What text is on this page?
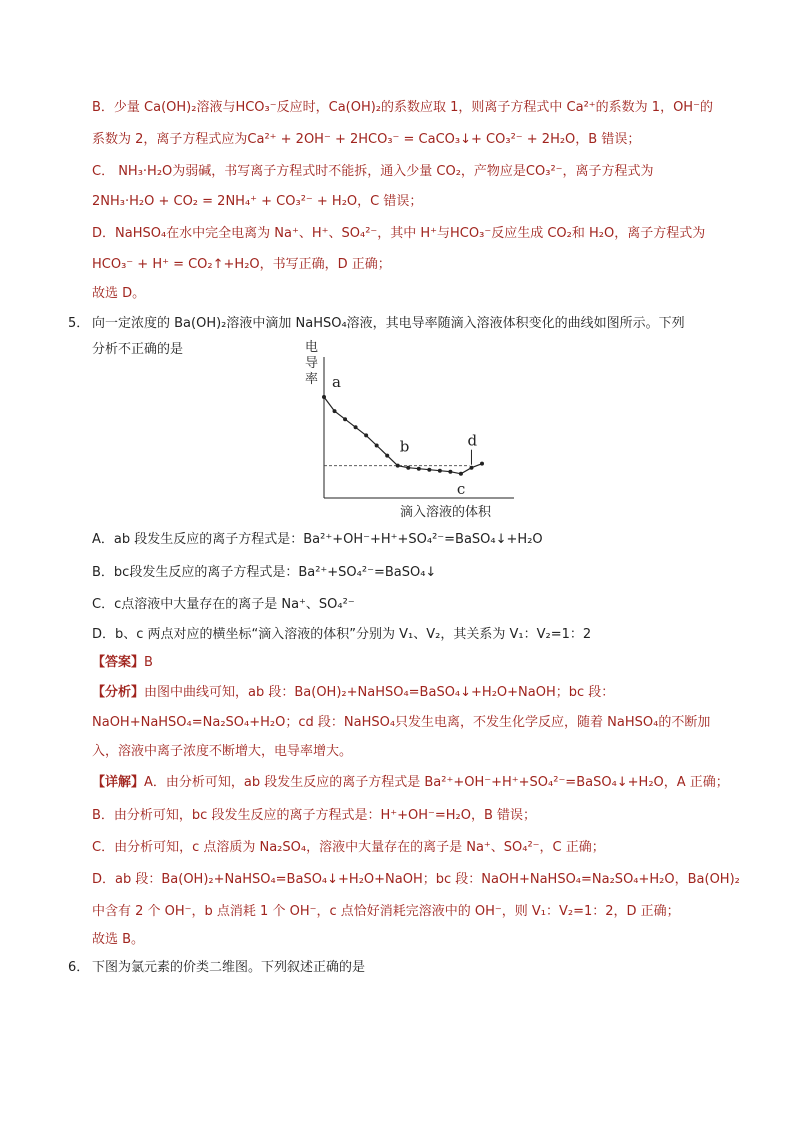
B．少量 Ca(OH)₂溶液与HCO₃⁻反应时，Ca(OH)₂的系数应取 1，则离子方程式中 Ca²⁺的系数为 1，OH⁻的
系数为 2，离子方程式应为Ca²⁺ + 2OH⁻ + 2HCO₃⁻ = CaCO₃↓+ CO₃²⁻ + 2H₂O，B 错误；
C． NH₃·H₂O为弱碱，书写离子方程式时不能拆，通入少量 CO₂，产物应是CO₃²⁻，离子方程式为
2NH₃·H₂O + CO₂ = 2NH₄⁺ + CO₃²⁻ + H₂O，C 错误；
D．NaHSO₄在水中完全电离为 Na⁺、H⁺、SO₄²⁻，其中 H⁺与HCO₃⁻反应生成 CO₂和 H₂O，离子方程式为
HCO₃⁻ + H⁺ = CO₂↑+H₂O，书写正确，D 正确；
故选 D。
5． 向一定浓度的 Ba(OH)₂溶液中滴加 NaHSO₄溶液，其电导率随滴入溶液体积变化的曲线如图所示。下列
分析不正确的是	电
导
率 a
b
c
d
滴入溶液的体积
A．ab 段发生反应的离子方程式是：Ba²⁺+OH⁻+H⁺+SO₄²⁻=BaSO₄↓+H₂O
B．bc段发生反应的离子方程式是：Ba²⁺+SO₄²⁻=BaSO₄↓
C．c点溶液中大量存在的离子是 Na⁺、SO₄²⁻
D．b、c 两点对应的横坐标“滴入溶液的体积”分别为 V₁、V₂，其关系为 V₁：V₂=1：2
【答案】B
【分析】由图中曲线可知，ab 段：Ba(OH)₂+NaHSO₄=BaSO₄↓+H₂O+NaOH；bc 段：
NaOH+NaHSO₄=Na₂SO₄+H₂O；cd 段：NaHSO₄只发生电离，不发生化学反应，随着 NaHSO₄的不断加
入，溶液中离子浓度不断增大，电导率增大。
【详解】A．由分析可知，ab 段发生反应的离子方程式是 Ba²⁺+OH⁻+H⁺+SO₄²⁻=BaSO₄↓+H₂O，A 正确；
B．由分析可知，bc 段发生反应的离子方程式是：H⁺+OH⁻=H₂O，B 错误；
C．由分析可知，c 点溶质为 Na₂SO₄，溶液中大量存在的离子是 Na⁺、SO₄²⁻，C 正确；
D．ab 段：Ba(OH)₂+NaHSO₄=BaSO₄↓+H₂O+NaOH；bc 段：NaOH+NaHSO₄=Na₂SO₄+H₂O，Ba(OH)₂
中含有 2 个 OH⁻，b 点消耗 1 个 OH⁻，c 点恰好消耗完溶液中的 OH⁻，则 V₁：V₂=1：2，D 正确；
故选 B。
6． 下图为氯元素的价类二维图。下列叙述正确的是
